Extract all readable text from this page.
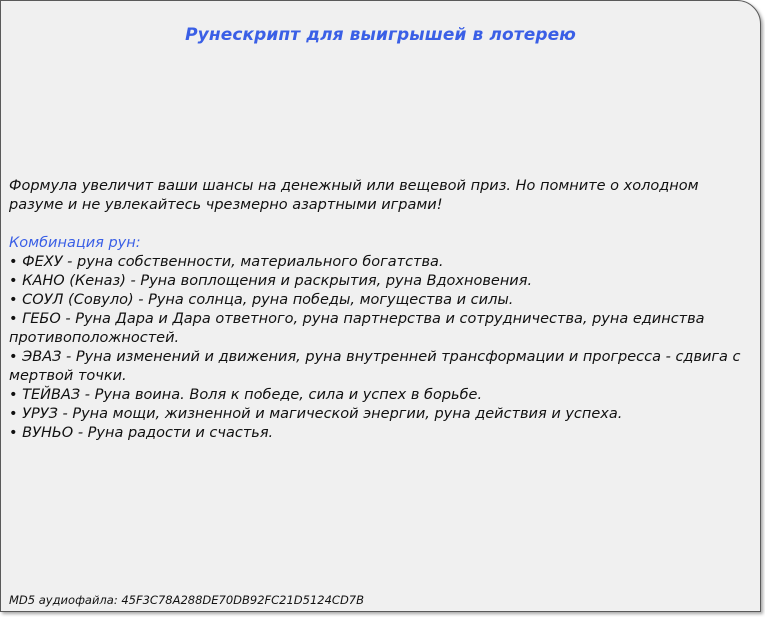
Рунескрипт для выигрышей в лотерею

Формула увеличит ваши шансы на денежный или вещевой приз. Но помните о холодном разуме и не увлекайтесь чрезмерно азартными играми!

Комбинация рун:

• ФЕХУ - руна собственности, материального богатства.
• КАНО (Кеназ) - Руна воплощения и раскрытия, руна Вдохновения.
• СОУЛ (Совуло) - Руна солнца, руна победы, могущества и силы.
• ГЕБО - Руна Дара и Дара ответного, руна партнерства и сотрудничества, руна единства противоположностей.
• ЭВАЗ - Руна изменений и движения, руна внутренней трансформации и прогресса - сдвига с мертвой точки.
• ТЕЙВАЗ - Руна воина. Воля к победе, сила и успех в борьбе.
• УРУЗ - Руна мощи, жизненной и магической энергии, руна действия и успеха.
• ВУНЬО - Руна радости и счастья.
MD5 аудиофайла: 45F3C78A288DE70DB92FC21D5124CD7B
